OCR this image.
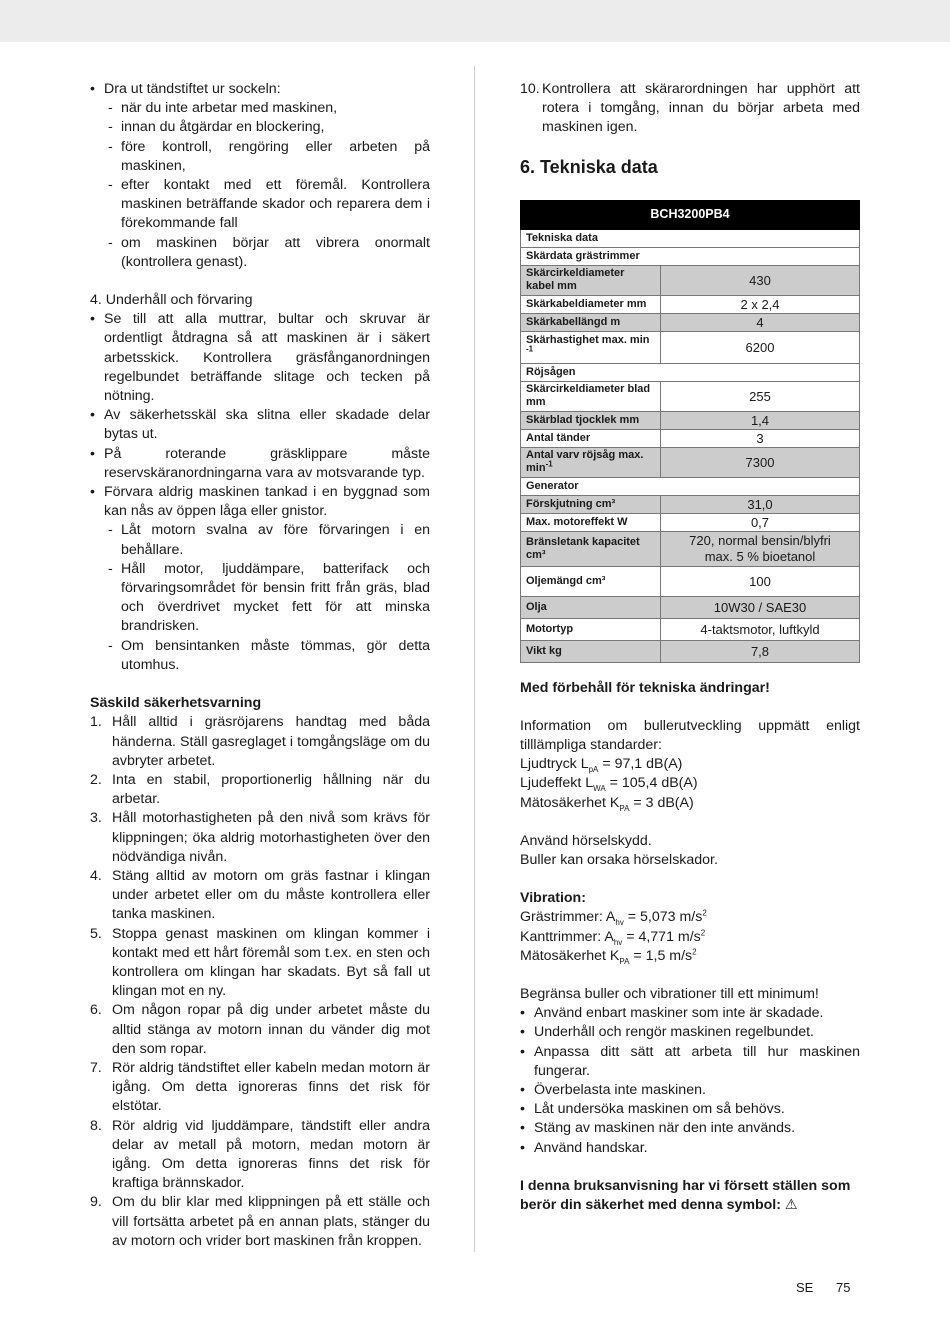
• Dra ut tändstiftet ur sockeln:

- när du inte arbetar med maskinen,

- innan du åtgärdar en blockering,

- före kontroll, rengöring eller arbeten på maskinen,

- efter kontakt med ett föremål. Kontrollera maskinen beträffande skador och reparera dem i förekommande fall

- om maskinen börjar att vibrera onormalt (kontrollera genast).

4. Underhåll och förvaring

• Se till att alla muttrar, bultar och skruvar är ordentligt åtdragna så att maskinen är i säkert arbetsskick. Kontrollera gräsfånganordningen regelbundet beträffande slitage och tecken på nötning.

• Av säkerhetsskäl ska slitna eller skadade delar bytas ut.

• På roterande gräsklippare måste reservskäranordningarna vara av motsvarande typ.

• Förvara aldrig maskinen tankad i en byggnad som kan nås av öppen låga eller gnistor.

- Låt motorn svalna av före förvaringen i en behållare.

- Håll motor, ljuddämpare, batterifack och förvaringsområdet för bensin fritt från gräs, blad och överdrivet mycket fett för att minska brandrisken.

- Om bensintanken måste tömmas, gör detta utomhus.

Säskild säkerhetsvarning

1. Håll alltid i gräsröjarens handtag med båda händerna. Ställ gasreglaget i tomgångsläge om du avbryter arbetet.
2. Inta en stabil, proportionerlig hållning när du arbetar.
3. Håll motorhastigheten på den nivå som krävs för klippningen; öka aldrig motorhastigheten över den nödvändiga nivån.
4. Stäng alltid av motorn om gräs fastnar i klingan under arbetet eller om du måste kontrollera eller tanka maskinen.
5. Stoppa genast maskinen om klingan kommer i kontakt med ett hårt föremål som t.ex. en sten och kontrollera om klingan har skadats. Byt så fall ut klingan mot en ny.
6. Om någon ropar på dig under arbetet måste du alltid stänga av motorn innan du vänder dig mot den som ropar.
7. Rör aldrig tändstiftet eller kabeln medan motorn är igång. Om detta ignoreras finns det risk för elstötar.
8. Rör aldrig vid ljuddämpare, tändstift eller andra delar av metall på motorn, medan motorn är igång. Om detta ignoreras finns det risk för kraftiga brännskador.
9. Om du blir klar med klippningen på ett ställe och vill fortsätta arbetet på en annan plats, stänger du av motorn och vrider bort maskinen från kroppen.
10. Kontrollera att skärarordningen har upphört att rotera i tomgång, innan du börjar arbeta med maskinen igen.
6. Tekniska data
BCH3200PB4	
Tekniska data	
Skärdata grästrimmer	
Skärcirkeldiameter kabel mm	430
Skärkabeldiameter mm	2 x 2,4
Skärkabellängd m	4
Skärhastighet max. min $^{-1}$	6200
Röjsågen	
Skärcirkeldiameter blad mm	255
Skärblad tjocklek mm	1,4
Antal tänder	3
Antal varv röjsåg max. $\min^{-1}$	7300
Generator	
Förskjutning cm³	31,0
Max. motoreffekt W	0,7
Bränsletank kapacitet cm³	720, normal bensin/blyfri
max. 5 % bioetanol
Oljemängd cm³	100
Olja	10W30 / SAE30
Motortyp	4-taktsmotor, luftkyld
Vikt kg	7,8

Med förbehåll för tekniska ändringar!

Information om bullerutveckling uppmätt enligt tilllämpliga standarder:

Ljudtryck $L_{pA} = 97,1$ dB(A)

Ljudeffekt $L_{WA} = 105,4$ dB(A)

Mätosäkerhet $K_{PA} = 3$ dB(A)

Använd hörselskydd.

Buller kan orsaka hörselskador.

Vibration:

Grästrimmer: $A_{hv} = 5,073$ $m/s^2$

Kanttrimmer: $A_{hv} = 4,771$ $m/s^2$

Mätosäkerhet $K_{PA} = 1,5$ $m/s^2$

Begränsa buller och vibrationer till ett minimum!

• Använd enbart maskiner som inte är skadade.

• Underhåll och rengör maskinen regelbundet.

• Anpassa ditt sätt att arbeta till hur maskinen fungerar.

• Överbelasta inte maskinen.

• Låt undersöka maskinen om så behövs.

• Stäng av maskinen när den inte används.

• Använd handskar.

I denna bruksanvisning har vi försett ställen som berör din säkerhet med denna symbol: ⚠

SE 75
